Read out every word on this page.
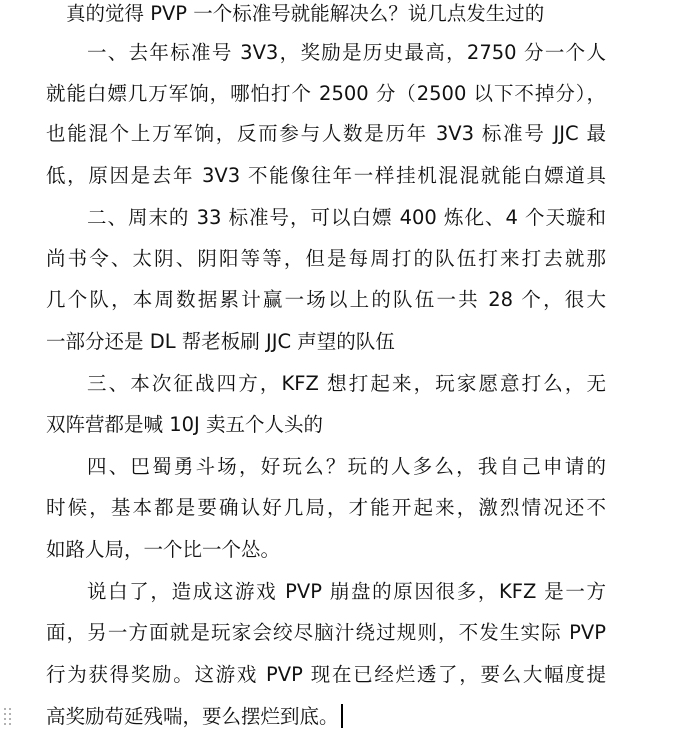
真的觉得 PVP 一个标准号就能解决么？说几点发生过的
一、去年标准号 3V3，奖励是历史最高，2750 分一个人
就能白嫖几万军饷，哪怕打个 2500 分（2500 以下不掉分），
也能混个上万军饷，反而参与人数是历年 3V3 标准号 JJC 最
低，原因是去年 3V3 不能像往年一样挂机混混就能白嫖道具
二、周末的 33 标准号，可以白嫖 400 炼化、4 个天璇和
尚书令、太阴、阴阳等等，但是每周打的队伍打来打去就那
几个队，本周数据累计赢一场以上的队伍一共 28 个，很大
一部分还是 DL 帮老板刷 JJC 声望的队伍
三、本次征战四方，KFZ 想打起来，玩家愿意打么，无
双阵营都是喊 10J 卖五个人头的
四、巴蜀勇斗场，好玩么？玩的人多么，我自己申请的
时候，基本都是要确认好几局，才能开起来，激烈情况还不
如路人局，一个比一个怂。
说白了，造成这游戏 PVP 崩盘的原因很多，KFZ 是一方
面，另一方面就是玩家会绞尽脑汁绕过规则，不发生实际 PVP
行为获得奖励。这游戏 PVP 现在已经烂透了，要么大幅度提
高奖励苟延残喘，要么摆烂到底。
